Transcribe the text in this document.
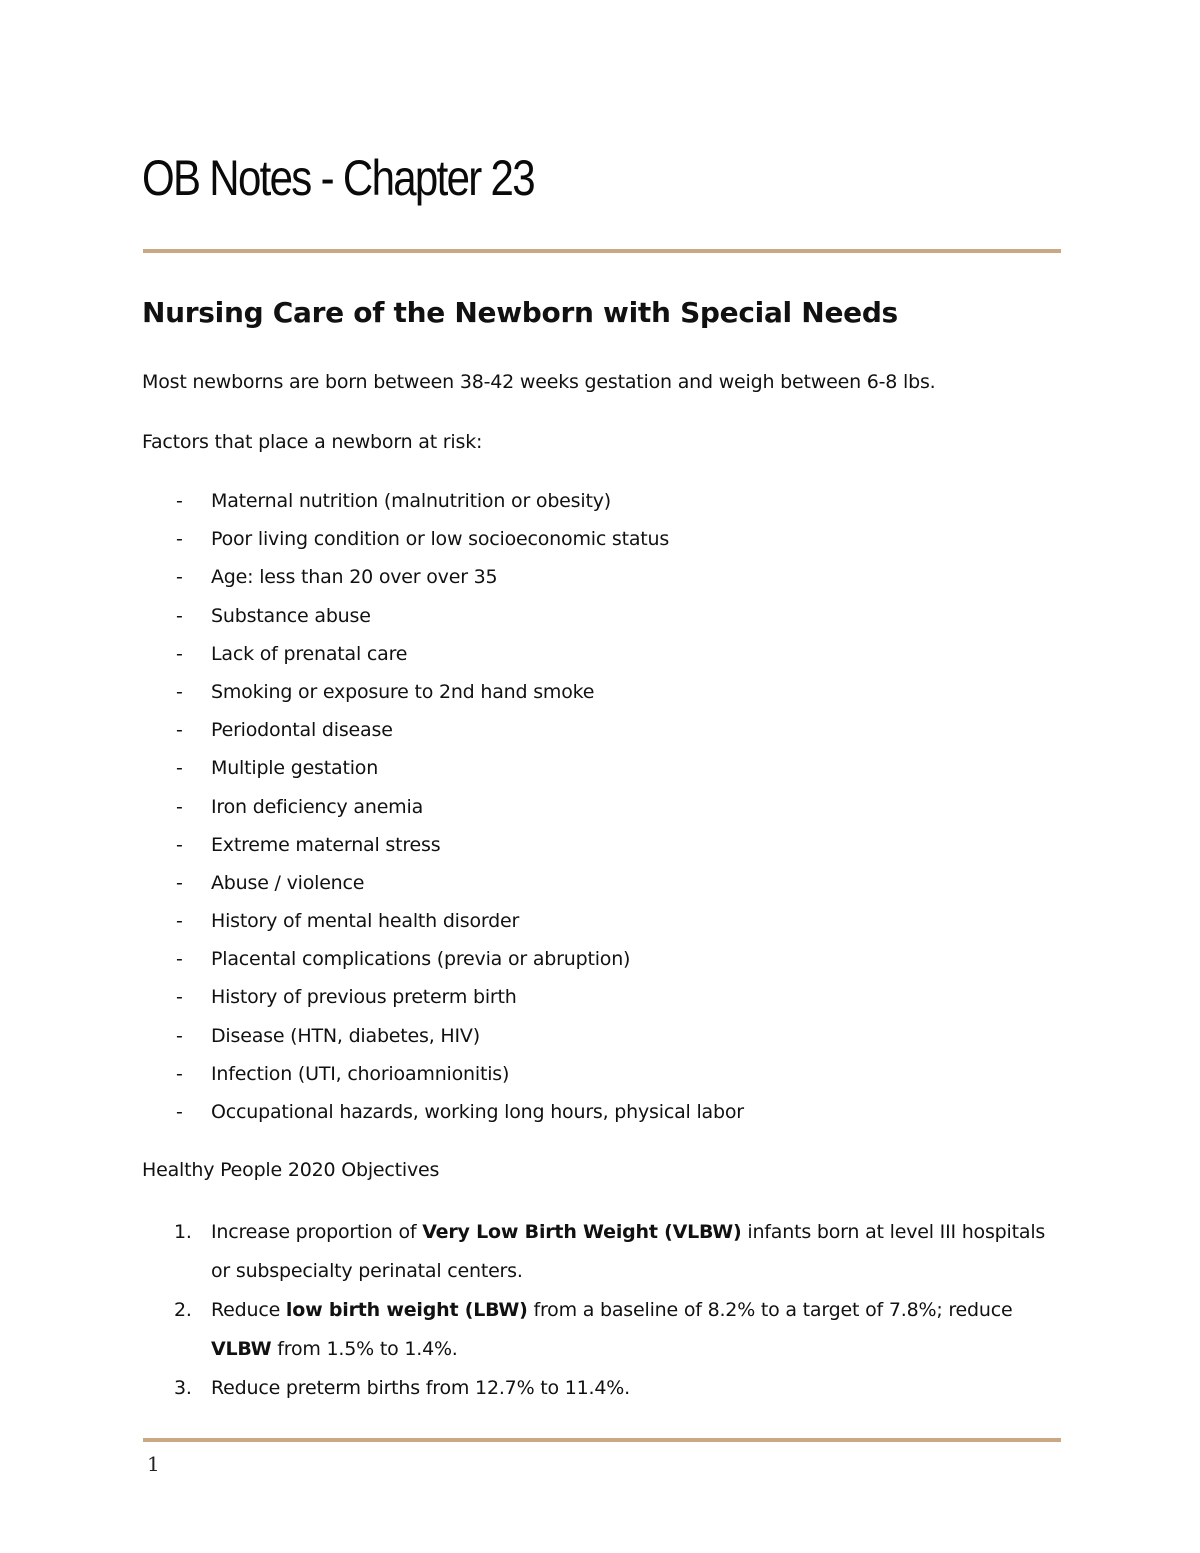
OB Notes - Chapter 23
Nursing Care of the Newborn with Special Needs

Most newborns are born between 38-42 weeks gestation and weigh between 6-8 lbs.

Factors that place a newborn at risk:

- Maternal nutrition (malnutrition or obesity)
- Poor living condition or low socioeconomic status
- Age: less than 20 over over 35
- Substance abuse
- Lack of prenatal care
- Smoking or exposure to 2nd hand smoke
- Periodontal disease
- Multiple gestation
- Iron deficiency anemia
- Extreme maternal stress
- Abuse / violence
- History of mental health disorder
- Placental complications (previa or abruption)
- History of previous preterm birth
- Disease (HTN, diabetes, HIV)
- Infection (UTI, chorioamnionitis)
- Occupational hazards, working long hours, physical labor

Healthy People 2020 Objectives

1. Increase proportion of Very Low Birth Weight (VLBW) infants born at level III hospitals or subspecialty perinatal centers.
2. Reduce low birth weight (LBW) from a baseline of 8.2% to a target of 7.8%; reduce VLBW from 1.5% to 1.4%.
3. Reduce preterm births from 12.7% to 11.4%.
1
